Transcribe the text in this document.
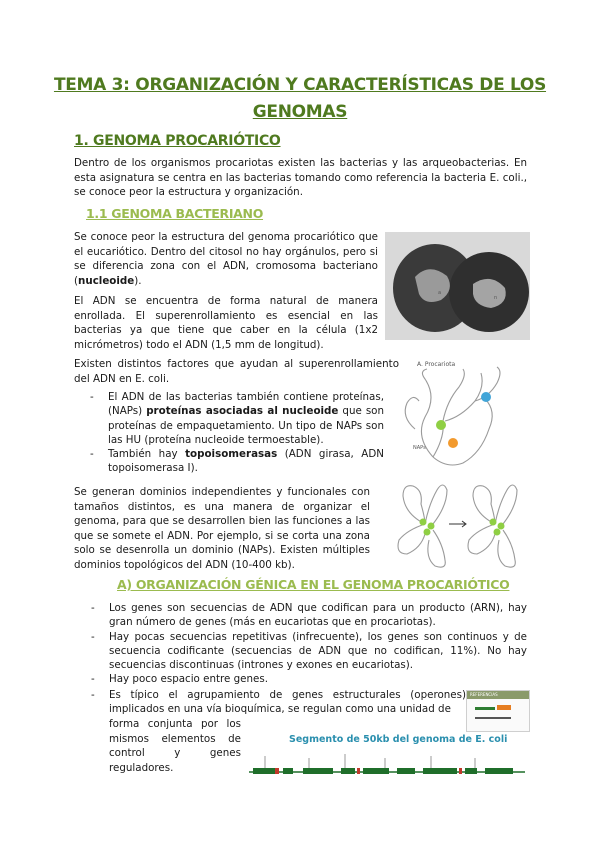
TEMA 3: ORGANIZACIÓN Y CARACTERÍSTICAS DE LOS
GENOMAS
1. GENOMA PROCARIÓTICO
Dentro de los organismos procariotas existen las bacterias y las arqueobacterias. En esta asignatura se centra en las bacterias tomando como referencia la bacteria E. coli., se conoce peor la estructura y organización.
1.1 GENOMA BACTERIANO
Se conoce peor la estructura del genoma procariótico que el eucariótico. Dentro del citosol no hay orgánulos, pero si se diferencia zona con el ADN, cromosoma bacteriano (nucleoide).
El ADN se encuentra de forma natural de manera enrollada. El superenrollamiento es esencial en las bacterias ya que tiene que caber en la célula (1x2 micrómetros) todo el ADN (1,5 mm de longitud).
Existen distintos factores que ayudan al superenrollamiento del ADN en E. coli.
- El ADN de las bacterias también contiene proteínas, (NAPs) proteínas asociadas al nucleoide que son proteínas de empaquetamiento. Un tipo de NAPs son las HU (proteína nucleoide termoestable).
- También hay topoisomerasas (ADN girasa, ADN topoisomerasa I).
Se generan dominios independientes y funcionales con tamaños distintos, es una manera de organizar el genoma, para que se desarrollen bien las funciones a las que se somete el ADN. Por ejemplo, si se corta una zona solo se desenrolla un dominio (NAPs). Existen múltiples dominios topológicos del ADN (10-400 kb).
A) ORGANIZACIÓN GÉNICA EN EL GENOMA PROCARIÓTICO
- Los genes son secuencias de ADN que codifican para un producto (ARN), hay gran número de genes (más en eucariotas que en procariotas).
- Hay pocas secuencias repetitivas (infrecuente), los genes son continuos y de secuencia codificante (secuencias de ADN que no codifican, 11%). No hay secuencias discontinuas (intrones y exones en eucariotas).
- Hay poco espacio entre genes.
- Es típico el agrupamiento de genes estructurales (operones) implicados en una vía bioquímica, se regulan como una unidad de
forma conjunta por los mismos elementos de control y genes reguladores.
a
n
A. Procariota
NAPs
REFERENCIAS
Segmento de 50kb del genoma de E. coli
